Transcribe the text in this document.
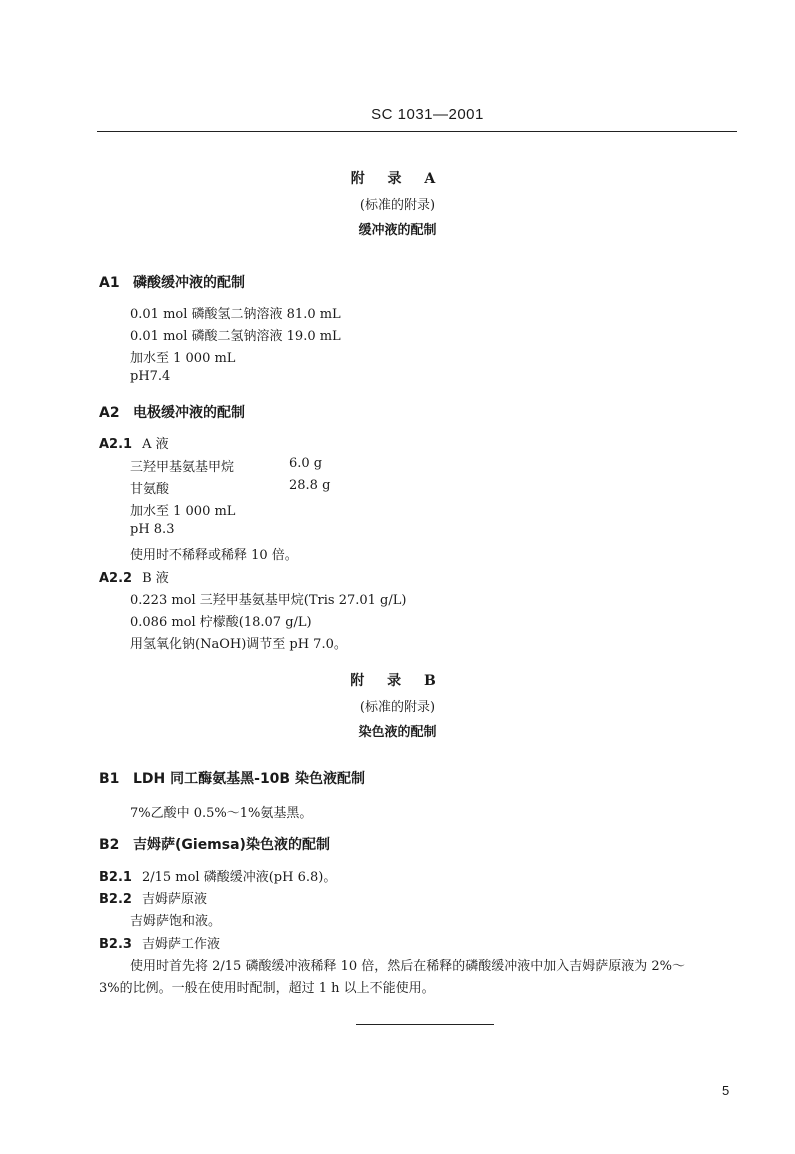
SC 1031—2001
附 录 A
(标准的附录)
缓冲液的配制
A1 磷酸缓冲液的配制
0.01 mol 磷酸氢二钠溶液 81.0 mL
0.01 mol 磷酸二氢钠溶液 19.0 mL
加水至 1 000 mL
pH7.4
A2 电极缓冲液的配制
A2.1 A 液
三羟甲基氨基甲烷	6.0 g
甘氨酸	28.8 g
加水至 1 000 mL
pH 8.3
使用时不稀释或稀释 10 倍。
A2.2 B 液
0.223 mol 三羟甲基氨基甲烷(Tris 27.01 g/L)
0.086 mol 柠檬酸(18.07 g/L)
用氢氧化钠(NaOH)调节至 pH 7.0。
附 录 B
(标准的附录)
染色液的配制
B1 LDH 同工酶氨基黑-10B 染色液配制
7%乙酸中 0.5%～1%氨基黑。
B2 吉姆萨(Giemsa)染色液的配制
B2.1 2/15 mol 磷酸缓冲液(pH 6.8)。
B2.2 吉姆萨原液
吉姆萨饱和液。
B2.3 吉姆萨工作液
使用时首先将 2/15 磷酸缓冲液稀释 10 倍，然后在稀释的磷酸缓冲液中加入吉姆萨原液为 2%～
3%的比例。一般在使用时配制，超过 1 h 以上不能使用。
5
